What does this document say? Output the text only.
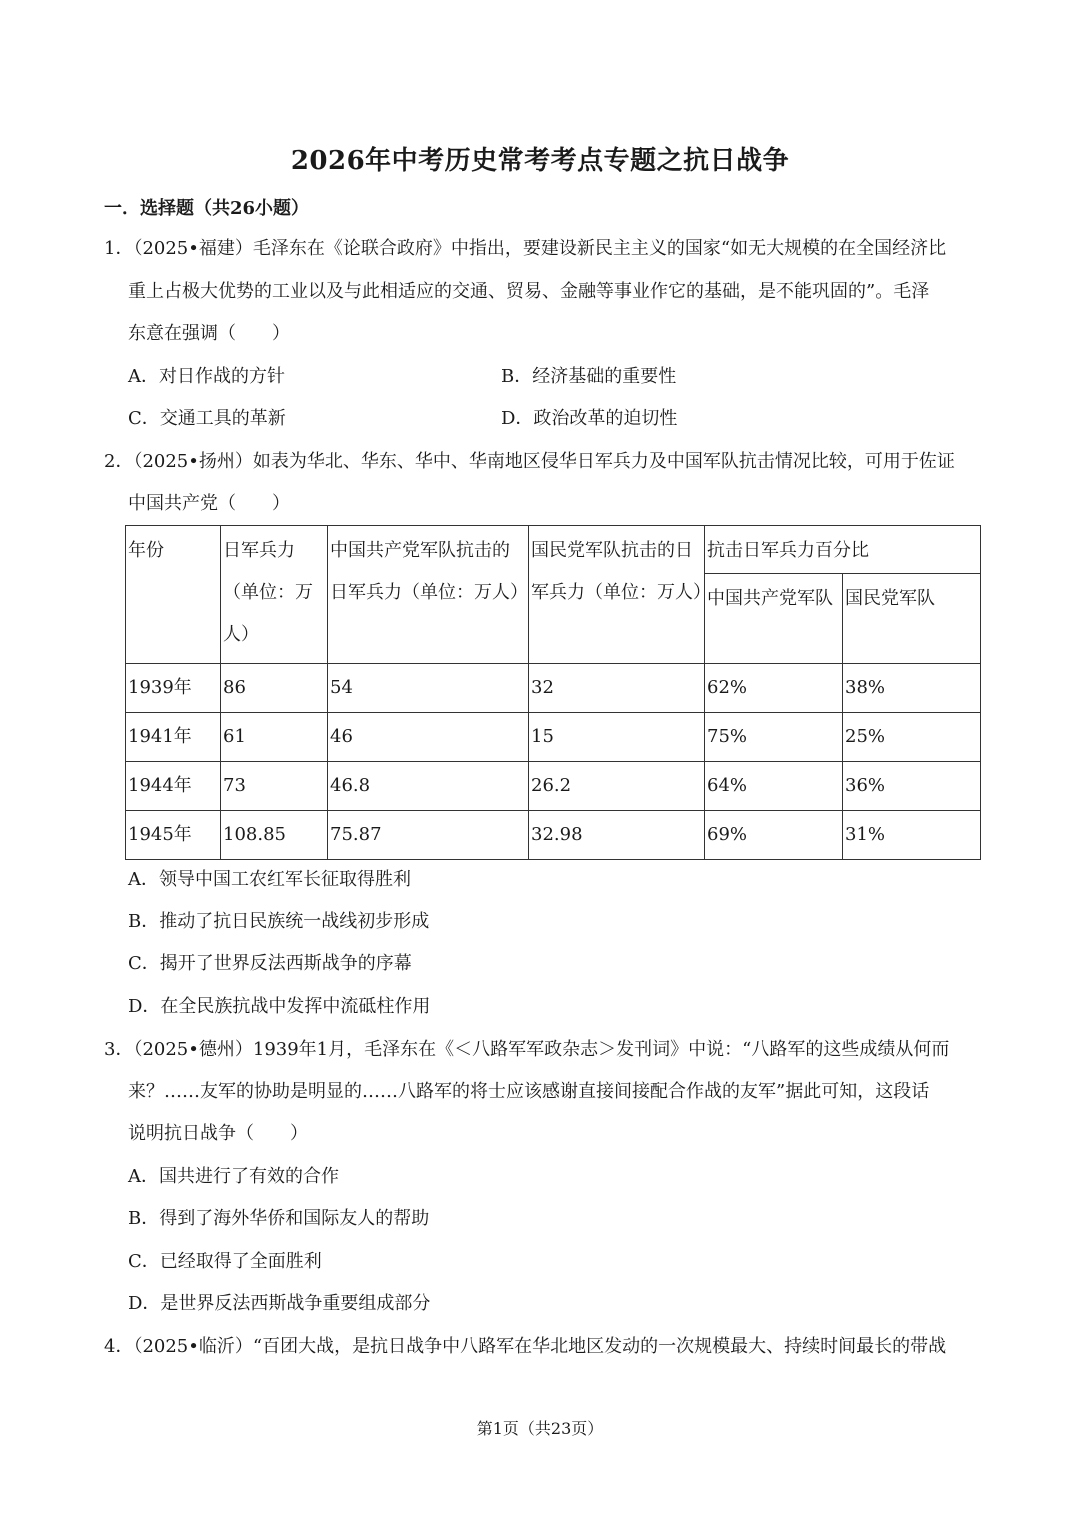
2026年中考历史常考考点专题之抗日战争
一．选择题（共26小题）
1．（2025•福建）毛泽东在《论联合政府》中指出，要建设新民主主义的国家“如无大规模的在全国经济比
重上占极大优势的工业以及与此相适应的交通、贸易、金融等事业作它的基础，是不能巩固的”。毛泽
东意在强调（　　）
A．对日作战的方针	B．经济基础的重要性
C．交通工具的革新	D．政治改革的迫切性
2．（2025•扬州）如表为华北、华东、华中、华南地区侵华日军兵力及中国军队抗击情况比较，可用于佐证
中国共产党（　　）
年份	日军兵力（单位：万人）	中国共产党军队抗击的日军兵力（单位：万人）	国民党军队抗击的日军兵力（单位：万人）	抗击日军兵力百分比	
				中国共产党军队	国民党军队
1939年	86	54	32	62%	38%
1941年	61	46	15	75%	25%
1944年	73	46.8	26.2	64%	36%
1945年	108.85	75.87	32.98	69%	31%
A．领导中国工农红军长征取得胜利
B．推动了抗日民族统一战线初步形成
C．揭开了世界反法西斯战争的序幕
D．在全民族抗战中发挥中流砥柱作用
3．（2025•德州）1939年1月，毛泽东在《＜八路军军政杂志＞发刊词》中说：“八路军的这些成绩从何而
来？……友军的协助是明显的……八路军的将士应该感谢直接间接配合作战的友军”据此可知，这段话
说明抗日战争（　　）
A．国共进行了有效的合作
B．得到了海外华侨和国际友人的帮助
C．已经取得了全面胜利
D．是世界反法西斯战争重要组成部分
4．（2025•临沂）“百团大战，是抗日战争中八路军在华北地区发动的一次规模最大、持续时间最长的带战
第1页（共23页）
